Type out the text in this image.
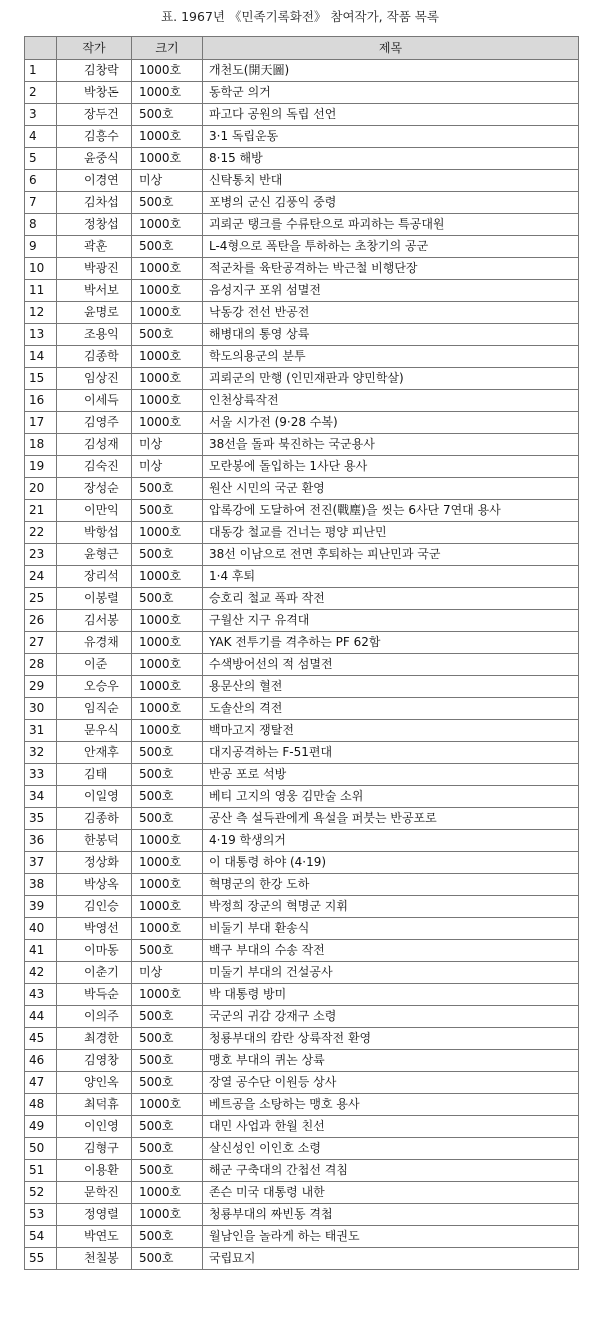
표. 1967년 《민족기록화전》 참여작가, 작품 목록
	작가	크기	제목
1	김창락	1000호	개천도(開天圖)
2	박창돈	1000호	동학군 의거
3	장두건	500호	파고다 공원의 독립 선언
4	김흥수	1000호	3·1 독립운동
5	윤중식	1000호	8·15 해방
6	이경연	미상	신탁통치 반대
7	김차섭	500호	포병의 군신 김풍익 중령
8	정창섭	1000호	괴뢰군 탱크를 수류탄으로 파괴하는 특공대원
9	곽훈	500호	L-4형으로 폭탄을 투하하는 초창기의 공군
10	박광진	1000호	적군차를 육탄공격하는 박근철 비행단장
11	박서보	1000호	음성지구 포위 섬멸전
12	윤명로	1000호	낙동강 전선 반공전
13	조용익	500호	해병대의 통영 상륙
14	김종학	1000호	학도의용군의 분투
15	임상진	1000호	괴뢰군의 만행 (인민재판과 양민학살)
16	이세득	1000호	인천상륙작전
17	김영주	1000호	서울 시가전 (9·28 수복)
18	김성재	미상	38선을 돌파 북진하는 국군용사
19	김숙진	미상	모란봉에 돌입하는 1사단 용사
20	장성순	500호	원산 시민의 국군 환영
21	이만익	500호	압록강에 도달하여 전진(戰塵)을 씻는 6사단 7연대 용사
22	박항섭	1000호	대동강 철교를 건너는 평양 피난민
23	윤형근	500호	38선 이남으로 전면 후퇴하는 피난민과 국군
24	장리석	1000호	1·4 후퇴
25	이봉렬	500호	승호리 철교 폭파 작전
26	김서봉	1000호	구월산 지구 유격대
27	유경채	1000호	YAK 전투기를 격추하는 PF 62함
28	이준	1000호	수색방어선의 적 섬멸전
29	오승우	1000호	용문산의 혈전
30	임직순	1000호	도솔산의 격전
31	문우식	1000호	백마고지 쟁탈전
32	안재후	500호	대지공격하는 F-51편대
33	김태	500호	반공 포로 석방
34	이일영	500호	베티 고지의 영웅 김만술 소위
35	김종하	500호	공산 측 설득관에게 욕설을 퍼붓는 반공포로
36	한봉덕	1000호	4·19 학생의거
37	정상화	1000호	이 대통령 하야 (4·19)
38	박상옥	1000호	혁명군의 한강 도하
39	김인승	1000호	박정희 장군의 혁명군 지휘
40	박영선	1000호	비둘기 부대 환송식
41	이마동	500호	백구 부대의 수송 작전
42	이춘기	미상	미둘기 부대의 건설공사
43	박득순	1000호	박 대통령 방미
44	이의주	500호	국군의 귀감 강재구 소령
45	최경한	500호	청룡부대의 캄란 상륙작전 환영
46	김영창	500호	맹호 부대의 퀴논 상륙
47	양인옥	500호	장열 공수단 이원등 상사
48	최덕휴	1000호	베트공을 소탕하는 맹호 용사
49	이인영	500호	대민 사업과 한월 친선
50	김형구	500호	살신성인 이인호 소령
51	이용환	500호	해군 구축대의 간첩선 격침
52	문학진	1000호	존슨 미국 대통령 내한
53	정영렬	1000호	청룡부대의 짜빈동 격첩
54	박연도	500호	월남인을 놀라게 하는 태권도
55	천칠봉	500호	국립묘지
